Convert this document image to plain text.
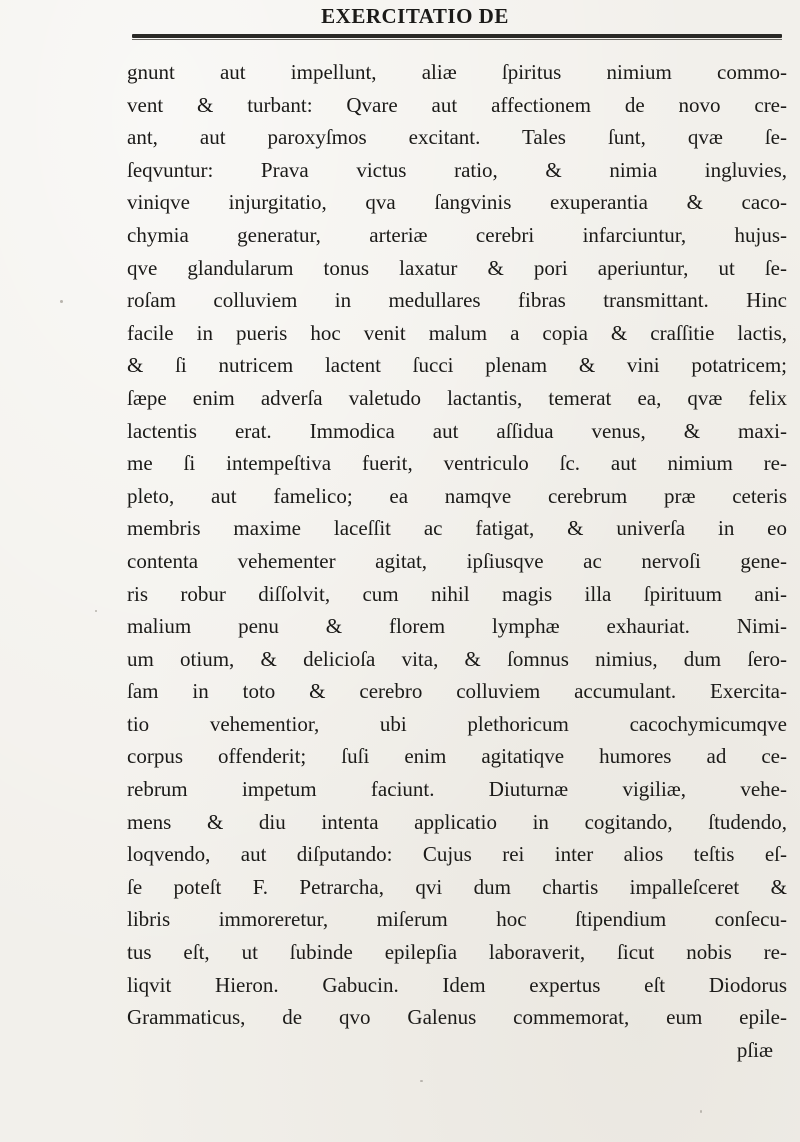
EXERCITATIO DE
gnunt aut impellunt, aliæ ſpiritus nimium commo-
vent & turbant: Qvare aut affectionem de novo cre-
ant, aut paroxyſmos excitant. Tales ſunt, qvæ ſe-
ſeqvuntur: Prava victus ratio, & nimia ingluvies,
viniqve injurgitatio, qva ſangvinis exuperantia & caco-
chymia generatur, arteriæ cerebri infarciuntur, hujus-
qve glandularum tonus laxatur & pori aperiuntur, ut ſe-
roſam colluviem in medullares fibras transmittant. Hinc
facile in pueris hoc venit malum a copia & craſſitie lactis,
& ſi nutricem lactent ſucci plenam & vini potatricem;
ſæpe enim adverſa valetudo lactantis, temerat ea, qvæ felix
lactentis erat. Immodica aut aſſidua venus, & maxi-
me ſi intempeſtiva fuerit, ventriculo ſc. aut nimium re-
pleto, aut famelico; ea namqve cerebrum præ ceteris
membris maxime laceſſit ac fatigat, & univerſa in eo
contenta vehementer agitat, ipſiusqve ac nervoſi gene-
ris robur diſſolvit, cum nihil magis illa ſpirituum ani-
malium penu & florem lymphæ exhauriat. Nimi-
um otium, & delicioſa vita, & ſomnus nimius, dum ſero-
ſam in toto & cerebro colluviem accumulant. Exercita-
tio vehementior, ubi plethoricum cacochymicumqve
corpus offenderit; ſuſi enim agitatiqve humores ad ce-
rebrum impetum faciunt. Diuturnæ vigiliæ, vehe-
mens & diu intenta applicatio in cogitando, ſtudendo,
loqvendo, aut diſputando: Cujus rei inter alios teſtis eſ-
ſe poteſt F. Petrarcha, qvi dum chartis impalleſceret &
libris immoreretur, miſerum hoc ſtipendium conſecu-
tus eſt, ut ſubinde epilepſia laboraverit, ſicut nobis re-
liqvit Hieron. Gabucin. Idem expertus eſt Diodorus
Grammaticus, de qvo Galenus commemorat, eum epile-
pſiæ
